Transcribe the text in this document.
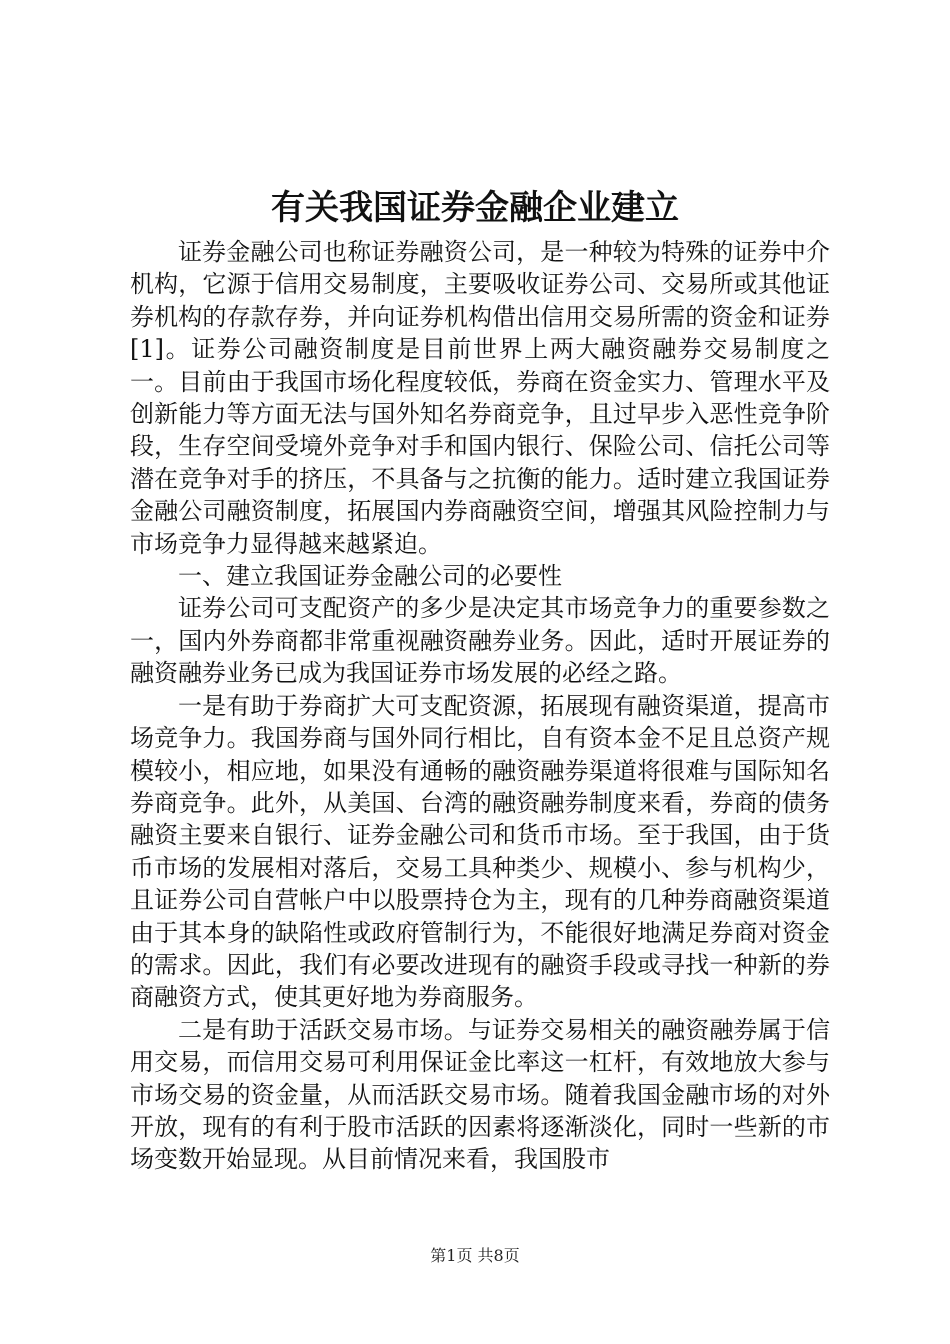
有关我国证券金融企业建立

证券金融公司也称证券融资公司，是一种较为特殊的证券中介机构，它源于信用交易制度，主要吸收证券公司、交易所或其他证券机构的存款存券，并向证券机构借出信用交易所需的资金和证券[1]。证券公司融资制度是目前世界上两大融资融券交易制度之一。目前由于我国市场化程度较低，券商在资金实力、管理水平及创新能力等方面无法与国外知名券商竞争，且过早步入恶性竞争阶段，生存空间受境外竞争对手和国内银行、保险公司、信托公司等潜在竞争对手的挤压，不具备与之抗衡的能力。适时建立我国证券金融公司融资制度，拓展国内券商融资空间，增强其风险控制力与市场竞争力显得越来越紧迫。

一、建立我国证券金融公司的必要性

证券公司可支配资产的多少是决定其市场竞争力的重要参数之一，国内外券商都非常重视融资融券业务。因此，适时开展证券的融资融券业务已成为我国证券市场发展的必经之路。

一是有助于券商扩大可支配资源，拓展现有融资渠道，提高市场竞争力。我国券商与国外同行相比，自有资本金不足且总资产规模较小，相应地，如果没有通畅的融资融券渠道将很难与国际知名券商竞争。此外，从美国、台湾的融资融券制度来看，券商的债务融资主要来自银行、证券金融公司和货币市场。至于我国，由于货币市场的发展相对落后，交易工具种类少、规模小、参与机构少，且证券公司自营帐户中以股票持仓为主，现有的几种券商融资渠道由于其本身的缺陷性或政府管制行为，不能很好地满足券商对资金的需求。因此，我们有必要改进现有的融资手段或寻找一种新的券商融资方式，使其更好地为券商服务。

二是有助于活跃交易市场。与证券交易相关的融资融券属于信用交易，而信用交易可利用保证金比率这一杠杆，有效地放大参与市场交易的资金量，从而活跃交易市场。随着我国金融市场的对外开放，现有的有利于股市活跃的因素将逐渐淡化，同时一些新的市场变数开始显现。从目前情况来看，我国股市

第1页 共8页
